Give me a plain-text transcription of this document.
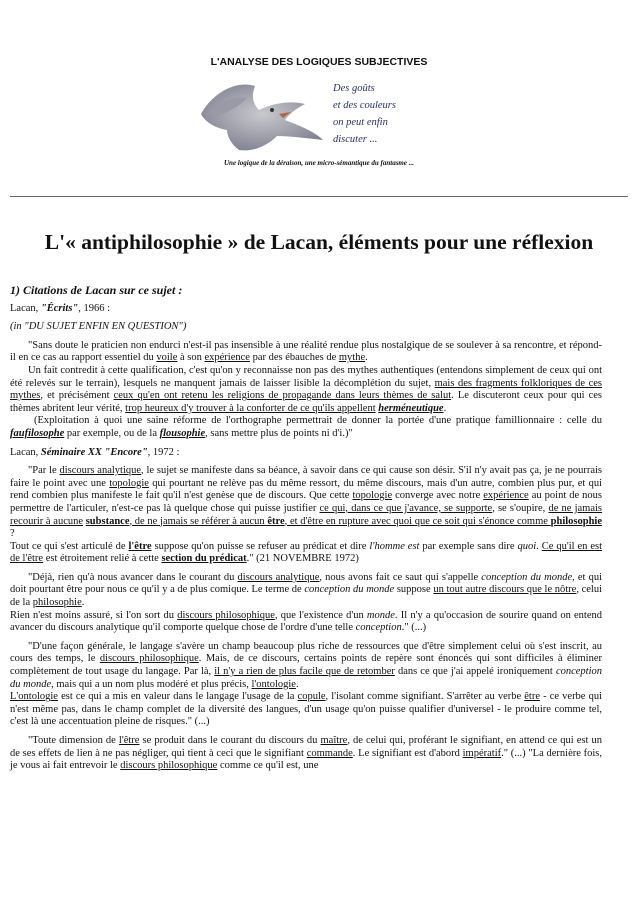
L'ANALYSE DES LOGIQUES SUBJECTIVES
Des goûts
et des couleurs
on peut enfin
discuter ...
Une logique de la déraison, une micro-sémantique du fantasme ...
L'« antiphilosophie » de Lacan, éléments pour une réflexion

1) Citations de Lacan sur ce sujet :

Lacan, "Écrits", 1966 :

(in "DU SUJET ENFIN EN QUESTION")

"Sans doute le praticien non endurci n'est-il pas insensible à une réalité rendue plus nostalgique de se soulever à sa rencontre, et répond-il en ce cas au rapport essentiel du voile à son expérience par des ébauches de mythe.
Un fait contredit à cette qualification, c'est qu'on y reconnaisse non pas des mythes authentiques (entendons simplement de ceux qui ont été relevés sur le terrain), lesquels ne manquent jamais de laisser lisible la décomplétion du sujet, mais des fragments folkloriques de ces mythes, et précisément ceux qu'en ont retenu les religions de propagande dans leurs thèmes de salut. Le discuteront ceux pour qui ces thèmes abritent leur vérité, trop heureux d'y trouver à la conforter de ce qu'ils appellent herméneutique.
(Exploitation à quoi une saine réforme de l'orthographe permettrait de donner la portée d'une pratique famillionnaire : celle du faufilosophe par exemple, ou de la flousophie, sans mettre plus de points ni d'i.)"

Lacan, Séminaire XX "Encore", 1972 :

"Par le discours analytique, le sujet se manifeste dans sa béance, à savoir dans ce qui cause son désir. S'il n'y avait pas ça, je ne pourrais faire le point avec une topologie qui pourtant ne relève pas du même ressort, du même discours, mais d'un autre, combien plus pur, et qui rend combien plus manifeste le fait qu'il n'est genèse que de discours. Que cette topologie converge avec notre expérience au point de nous permettre de l'articuler, n'est-ce pas là quelque chose qui puisse justifier ce qui, dans ce que j'avance, se supporte, se s'oupire, de ne jamais recourir à aucune substance, de ne jamais se référer à aucun être, et d'être en rupture avec quoi que ce soit qui s'énonce comme philosophie ?
Tout ce qui s'est articulé de l'être suppose qu'on puisse se refuser au prédicat et dire l'homme est par exemple sans dire quoi. Ce qu'il en est de l'être est étroitement relié à cette section du prédicat." (21 NOVEMBRE 1972)

"Déjà, rien qu'à nous avancer dans le courant du discours analytique, nous avons fait ce saut qui s'appelle conception du monde, et qui doit pourtant être pour nous ce qu'il y a de plus comique. Le terme de conception du monde suppose un tout autre discours que le nôtre, celui de la philosophie.
Rien n'est moins assuré, si l'on sort du discours philosophique, que l'existence d'un monde. Il n'y a qu'occasion de sourire quand on entend avancer du discours analytique qu'il comporte quelque chose de l'ordre d'une telle conception." (...)

"D'une façon générale, le langage s'avère un champ beaucoup plus riche de ressources que d'être simplement celui où s'est inscrit, au cours des temps, le discours philosophique. Mais, de ce discours, certains points de repère sont énoncés qui sont difficiles à éliminer complètement de tout usage du langage. Par là, il n'y a rien de plus facile que de retomber dans ce que j'ai appelé ironiquement conception du monde, mais qui a un nom plus modéré et plus précis, l'ontologie.
L'ontologie est ce qui a mis en valeur dans le langage l'usage de la copule, l'isolant comme signifiant. S'arrêter au verbe être - ce verbe qui n'est même pas, dans le champ complet de la diversité des langues, d'un usage qu'on puisse qualifier d'universel - le produire comme tel, c'est là une accentuation pleine de risques." (...)

"Toute dimension de l'être se produit dans le courant du discours du maître, de celui qui, proférant le signifiant, en attend ce qui est un de ses effets de lien à ne pas négliger, qui tient à ceci que le signifiant commande. Le signifiant est d'abord impératif." (...) "La dernière fois, je vous ai fait entrevoir le discours philosophique comme ce qu'il est, une
